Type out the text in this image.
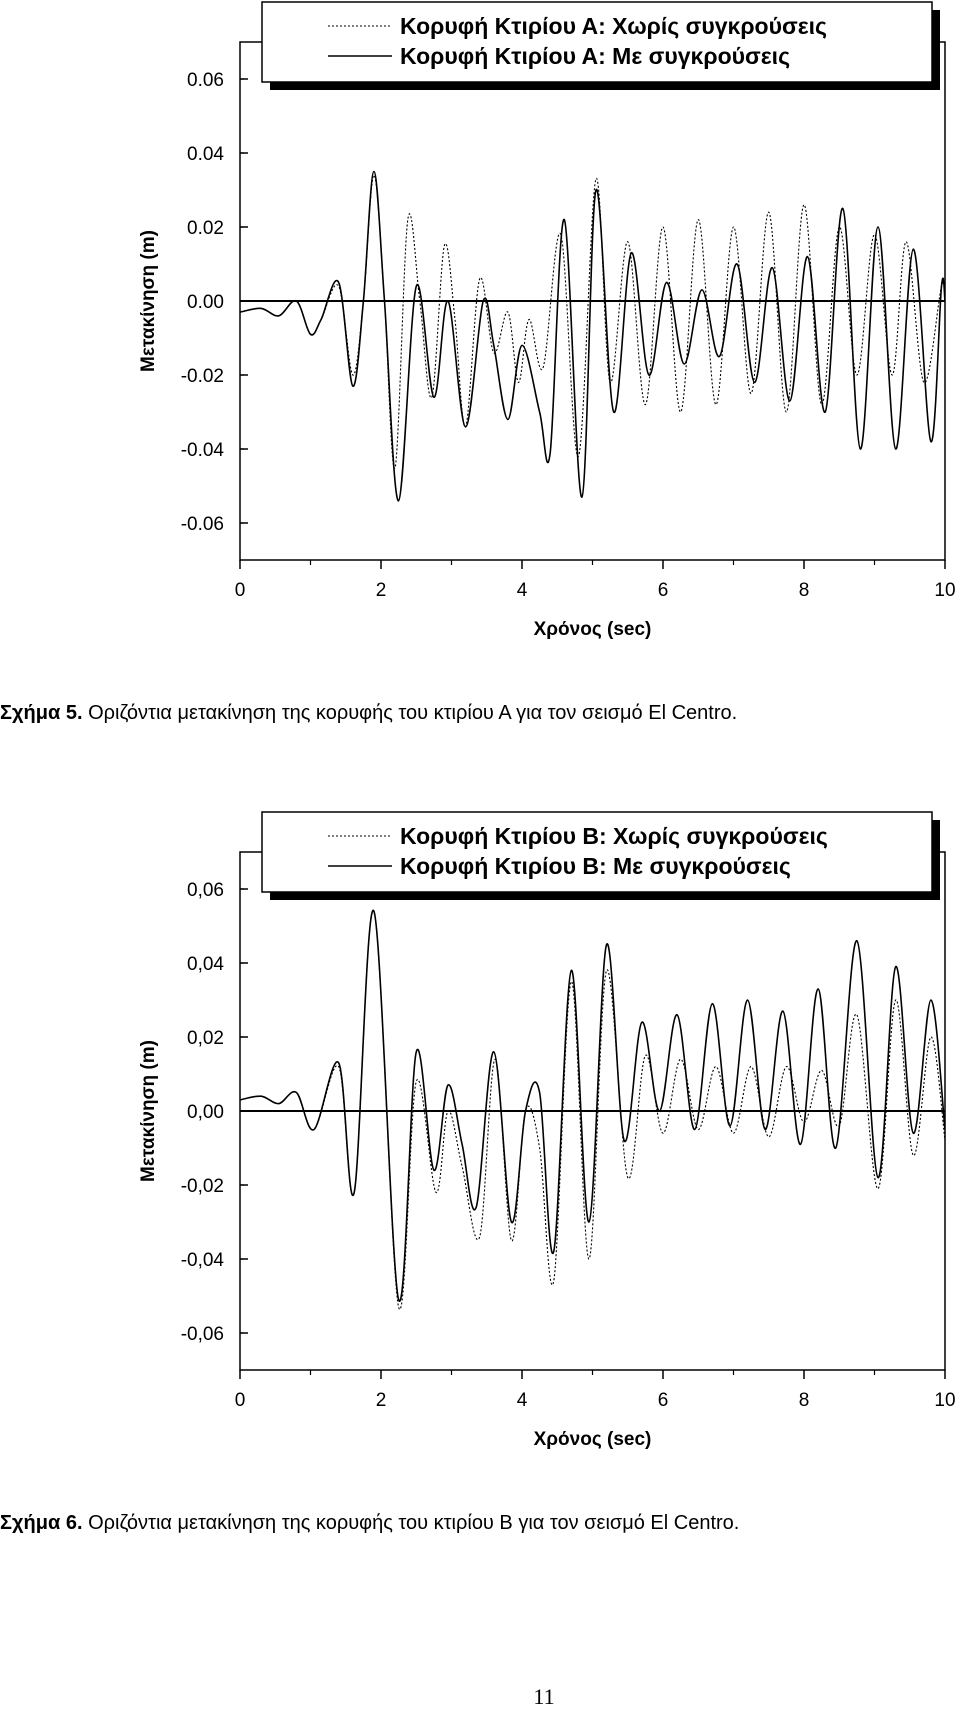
0.06
0.04
0.02
0.00
-0.02
-0.04
-0.06
0	2	4	6	8	10
Χρόνος (sec)
Μετακίνηση (m)
Κορυφή Κτιρίου Α: Χωρίς συγκρούσεις
Κορυφή Κτιρίου Α: Με συγκρούσεις
Σχήμα 5. Οριζόντια μετακίνηση της κορυφής του κτιρίου Α για τον σεισμό El Centro.
0,06
0,04
0,02
0,00
-0,02
-0,04
-0,06
0	2	4	6	8	10
Χρόνος (sec)
Μετακίνηση (m)
Κορυφή Κτιρίου Β: Χωρίς συγκρούσεις
Κορυφή Κτιρίου Β: Με συγκρούσεις
Σχήμα 6. Οριζόντια μετακίνηση της κορυφής του κτιρίου Β για τον σεισμό El Centro.
11
